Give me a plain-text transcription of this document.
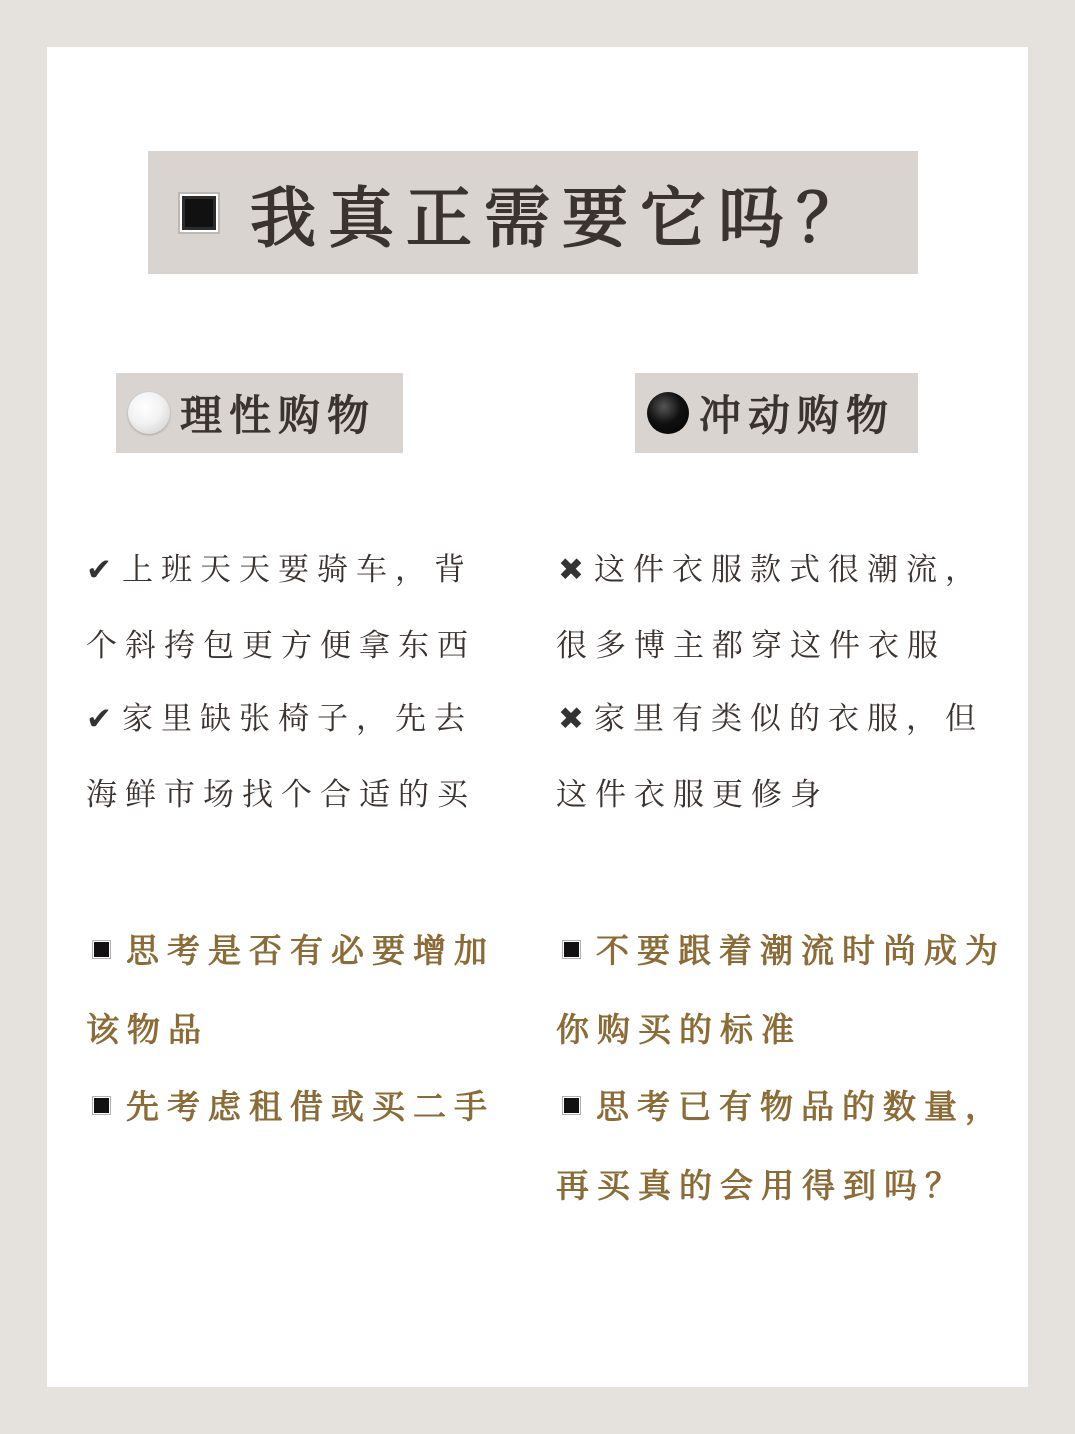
我真正需要它吗？
理性购物	冲动购物
✔ 上班天天要骑车，背
个斜挎包更方便拿东西
✔ 家里缺张椅子，先去
海鲜市场找个合适的买
✖ 这件衣服款式很潮流，
很多博主都穿这件衣服
✖ 家里有类似的衣服，但
这件衣服更修身
思考是否有必要增加
该物品
先考虑租借或买二手
不要跟着潮流时尚成为
你购买的标准
思考已有物品的数量，
再买真的会用得到吗？
